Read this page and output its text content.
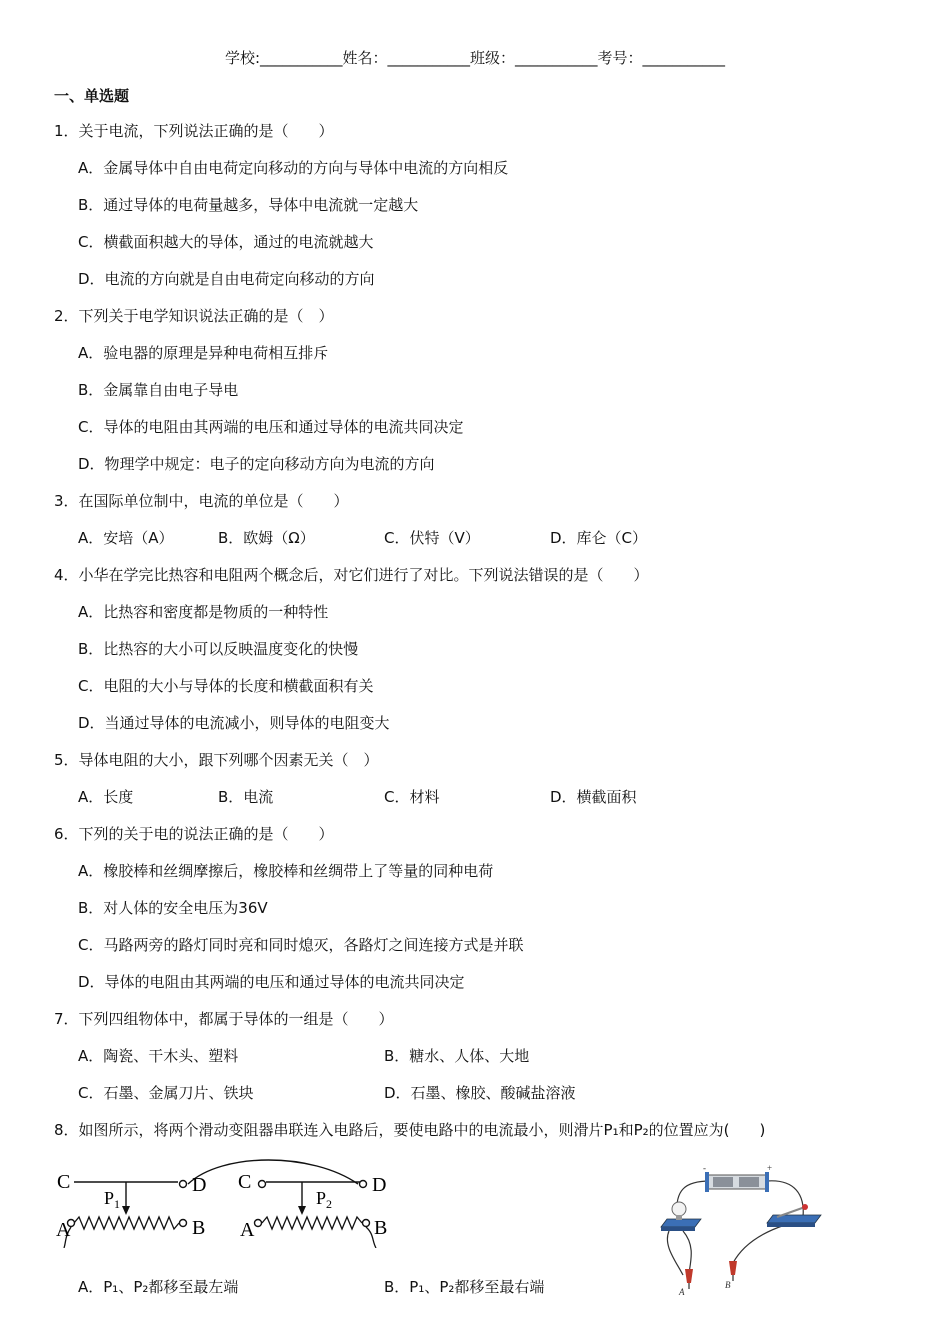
学校:___________姓名：___________班级：___________考号：___________
一、单选题
1．关于电流，下列说法正确的是（　　）
A．金属导体中自由电荷定向移动的方向与导体中电流的方向相反
B．通过导体的电荷量越多，导体中电流就一定越大
C．横截面积越大的导体，通过的电流就越大
D．电流的方向就是自由电荷定向移动的方向
2．下列关于电学知识说法正确的是（　）
A．验电器的原理是异种电荷相互排斥
B．金属靠自由电子导电
C．导体的电阻由其两端的电压和通过导体的电流共同决定
D．物理学中规定：电子的定向移动方向为电流的方向
3．在国际单位制中，电流的单位是（　　）
A．安培（A）	B．欧姆（Ω）	C．伏特（V）	D．库仑（C）
4．小华在学完比热容和电阻两个概念后，对它们进行了对比。下列说法错误的是（　　）
A．比热容和密度都是物质的一种特性
B．比热容的大小可以反映温度变化的快慢
C．电阻的大小与导体的长度和横截面积有关
D．当通过导体的电流减小，则导体的电阻变大
5．导体电阻的大小，跟下列哪个因素无关（　）
A．长度	B．电流	C．材料	D．横截面积
6．下列的关于电的说法正确的是（　　）
A．橡胶棒和丝绸摩擦后，橡胶棒和丝绸带上了等量的同种电荷
B．对人体的安全电压为36V
C．马路两旁的路灯同时亮和同时熄灭，各路灯之间连接方式是并联
D．导体的电阻由其两端的电压和通过导体的电流共同决定
7．下列四组物体中，都属于导体的一组是（　　）
A．陶瓷、干木头、塑料	B．糖水、人体、大地
C．石墨、金属刀片、铁块	D．石墨、橡胶、酸碱盐溶液
8．如图所示，将两个滑动变阻器串联连入电路后，要使电路中的电流最小，则滑片P₁和P₂的位置应为(　　)
C	D
$P_1$
A	B
C	D
$P_2$
A	B
-	+
A
B
A．P₁、P₂都移至最左端	B．P₁、P₂都移至最右端
